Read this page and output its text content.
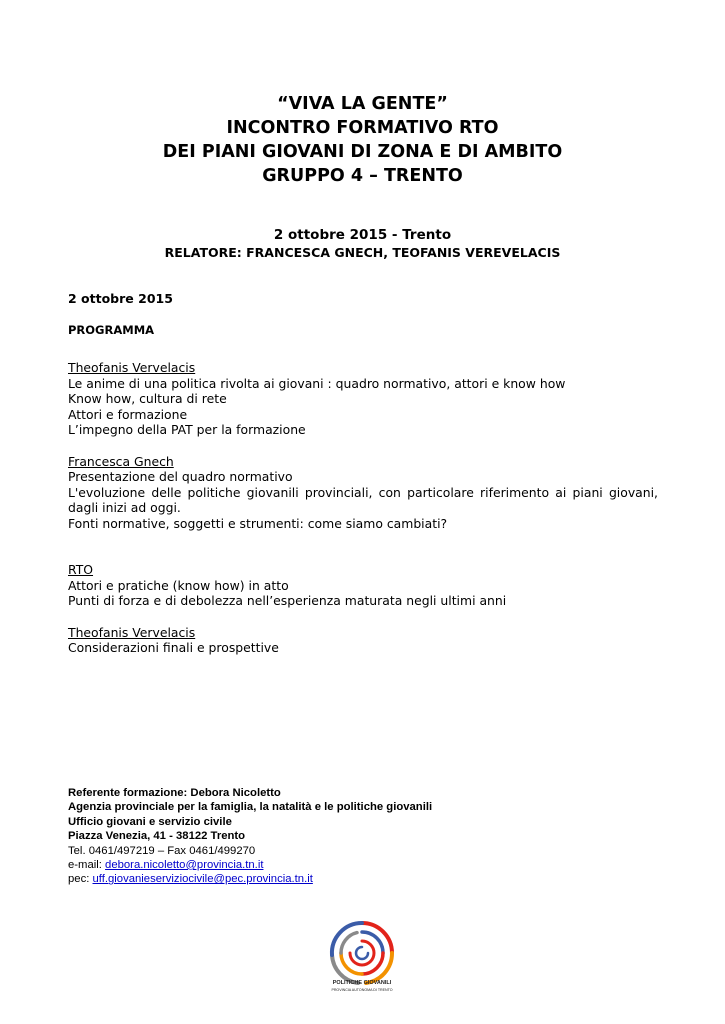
“VIVA LA GENTE”
INCONTRO FORMATIVO RTO
DEI PIANI GIOVANI DI ZONA E DI AMBITO
GRUPPO 4 – TRENTO
2 ottobre 2015 - Trento
RELATORE: FRANCESCA GNECH, TEOFANIS VEREVELACIS
2 ottobre 2015
PROGRAMMA
Theofanis Vervelacis
Le anime di una politica rivolta ai giovani : quadro normativo, attori e know how
Know how, cultura di rete
Attori e formazione
L’impegno della PAT per la formazione
Francesca Gnech
Presentazione del quadro normativo
L'evoluzione delle politiche giovanili provinciali, con particolare riferimento ai piani giovani,
dagli inizi ad oggi.
Fonti normative, soggetti e strumenti: come siamo cambiati?
RTO
Attori e pratiche (know how) in atto
Punti di forza e di debolezza nell’esperienza maturata negli ultimi anni
Theofanis Vervelacis
Considerazioni finali e prospettive
Referente formazione: Debora Nicoletto
Agenzia provinciale per la famiglia, la natalità e le politiche giovanili
Ufficio giovani e servizio civile
Piazza Venezia, 41 - 38122 Trento
Tel. 0461/497219 – Fax 0461/499270
e-mail: debora.nicoletto@provincia.tn.it
pec: uff.giovanieserviziocivile@pec.provincia.tn.it
POLITICHE GIOVANILI
PROVINCIA AUTONOMA DI TRENTO
